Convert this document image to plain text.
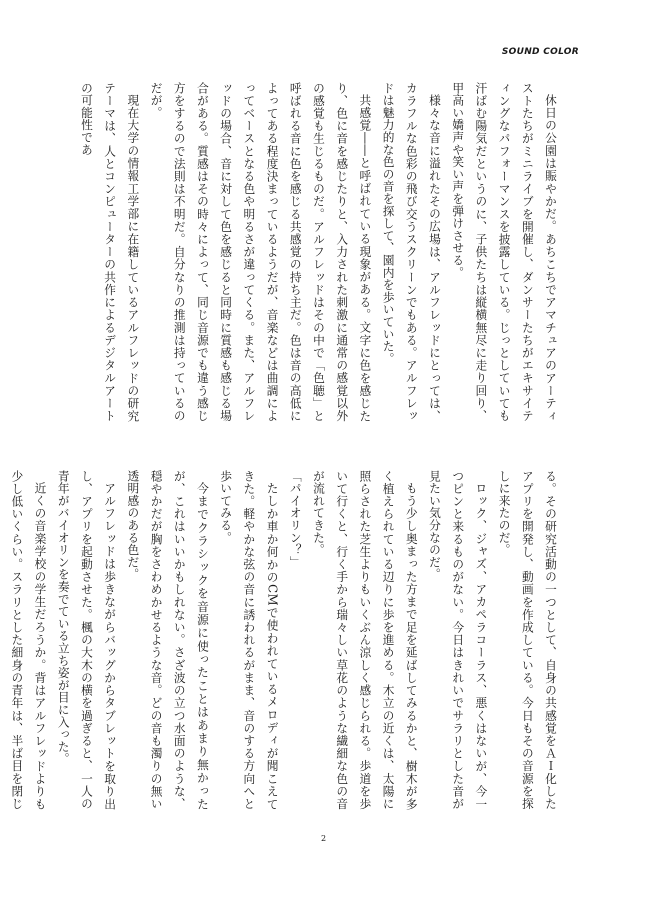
SOUND COLOR

休日の公園は賑やかだ。あちこちでアマチュアのアーティストたちがミニライブを開催し、ダンサーたちがエキサイティングなパフォーマンスを披露している。じっとしていても汗ばむ陽気だというのに、子供たちは縦横無尽に走り回り、甲高い嬌声や笑い声を弾けさせる。

様々な音に溢れたその広場は、アルフレッドにとっては、カラフルな色彩の飛び交うスクリーンでもある。アルフレッドは魅力的な色の音を探して、園内を歩いていた。

共感覚――と呼ばれている現象がある。文字に色を感じたり、色に音を感じたりと、入力された刺激に通常の感覚以外の感覚も生じるものだ。アルフレッドはその中で「色聴」と呼ばれる音に色を感じる共感覚の持ち主だ。色は音の高低によってある程度決まっているようだが、音楽などは曲調によってベースとなる色や明るさが違ってくる。また、アルフレッドの場合、音に対して色を感じると同時に質感も感じる場合がある。質感はその時々によって、同じ音源でも違う感じ方をするので法則は不明だ。自分なりの推測は持っているのだが。

現在大学の情報工学部に在籍しているアルフレッドの研究テーマは、人とコンピューターの共作によるデジタルアートの可能性であ

る。その研究活動の一つとして、自身の共感覚をＡＩ化したアプリを開発し、動画を作成している。今日もその音源を探しに来たのだ。

ロック、ジャズ、アカペラコーラス、悪くはないが、今一つピンと来るものがない。今日はきれいでサラリとした音が見たい気分なのだ。

もう少し奥まった方まで足を延ばしてみるかと、樹木が多く植えられている辺りに歩を進める。木立の近くは、太陽に照らされた芝生よりもいくぶん涼しく感じられる。歩道を歩いて行くと、行く手から瑞々しい草花のような繊細な色の音が流れてきた。

「パイオリン？」

たしか車か何かのCMで使われているメロディが聞こえてきた。軽やかな弦の音に誘われるがまま、音のする方向へと歩いてみる。

今までクラシックを音源に使ったことはあまり無かったが、これはいいかもしれない。さざ波の立つ水面のような、穏やかだが胸をさわめかせるような音。どの音も濁りの無い透明感のある色だ。

アルフレッドは歩きながらバッグからタブレットを取り出し、アプリを起動させた。楓の大木の横を過ぎると、一人の青年がバイオリンを奏でている立ち姿が目に入った。

近くの音楽学校の学生だろうか。背はアルフレッドよりも少し低いくらい。スラリとした細身の青年は、半ば目を閉じ

2
